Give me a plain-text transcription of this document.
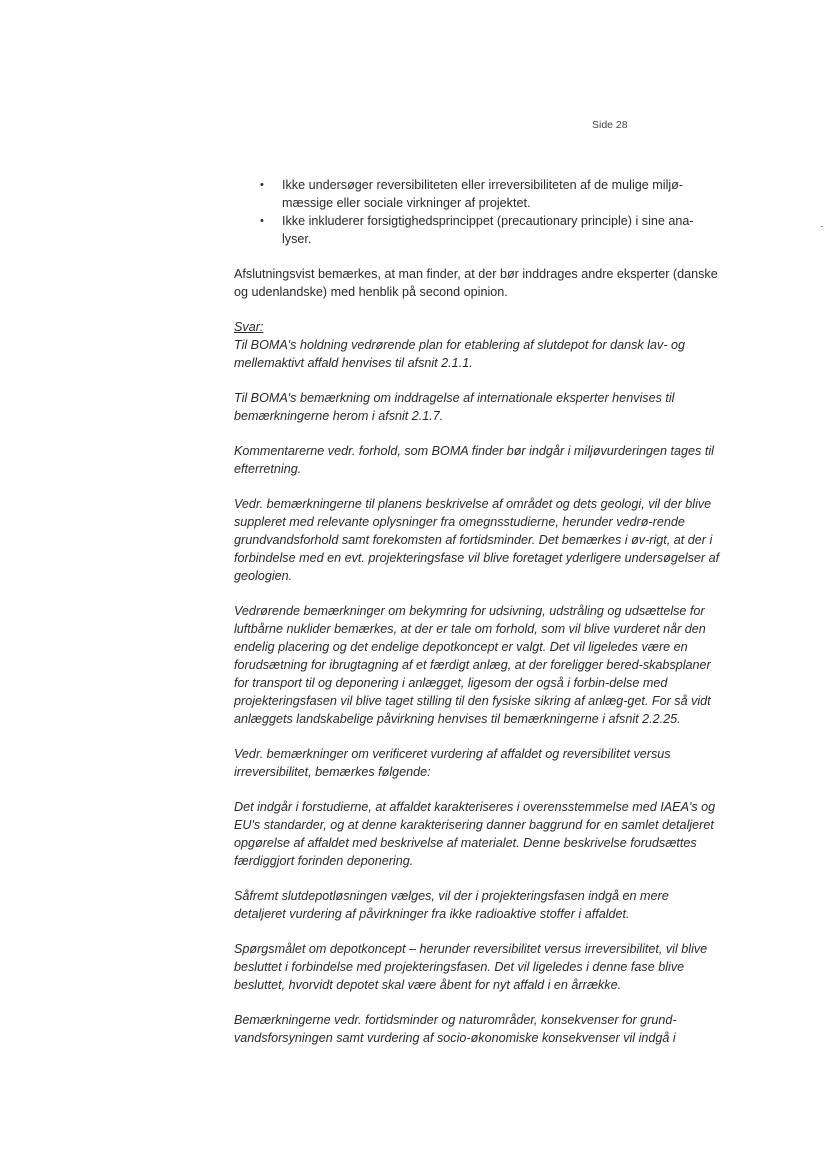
Side 28
• Ikke undersøger reversibiliteten eller irreversibiliteten af de mulige miljø-mæssige eller sociale virkninger af projektet.
• Ikke inkluderer forsigtighedsprincippet (precautionary principle) i sine ana-lyser.

Afslutningsvist bemærkes, at man finder, at der bør inddrages andre eksperter (danske og udenlandske) med henblik på second opinion.

Svar:

Til BOMA's holdning vedrørende plan for etablering af slutdepot for dansk lav- og mellemaktivt affald henvises til afsnit 2.1.1.

Til BOMA's bemærkning om inddragelse af internationale eksperter henvises til bemærkningerne herom i afsnit 2.1.7.

Kommentarerne vedr. forhold, som BOMA finder bør indgår i miljøvurderingen tages til efterretning.

Vedr. bemærkningerne til planens beskrivelse af området og dets geologi, vil der blive suppleret med relevante oplysninger fra omegnsstudierne, herunder vedrø-rende grundvandsforhold samt forekomsten af fortidsminder. Det bemærkes i øv-rigt, at der i forbindelse med en evt. projekteringsfase vil blive foretaget yderligere undersøgelser af geologien.

Vedrørende bemærkninger om bekymring for udsivning, udstråling og udsættelse for luftbårne nuklider bemærkes, at der er tale om forhold, som vil blive vurderet når den endelig placering og det endelige depotkoncept er valgt. Det vil ligeledes være en forudsætning for ibrugtagning af et færdigt anlæg, at der foreligger bered-skabsplaner for transport til og deponering i anlægget, ligesom der også i forbin-delse med projekteringsfasen vil blive taget stilling til den fysiske sikring af anlæg-get. For så vidt anlæggets landskabelige påvirkning henvises til bemærkningerne i afsnit 2.2.25.

Vedr. bemærkninger om verificeret vurdering af affaldet og reversibilitet versus irreversibilitet, bemærkes følgende:

Det indgår i forstudierne, at affaldet karakteriseres i overensstemmelse med IAEA's og EU's standarder, og at denne karakterisering danner baggrund for en samlet detaljeret opgørelse af affaldet med beskrivelse af materialet. Denne beskrivelse forudsættes færdiggjort forinden deponering.

Såfremt slutdepotløsningen vælges, vil der i projekteringsfasen indgå en mere detaljeret vurdering af påvirkninger fra ikke radioaktive stoffer i affaldet.

Spørgsmålet om depotkoncept – herunder reversibilitet versus irreversibilitet, vil blive besluttet i forbindelse med projekteringsfasen. Det vil ligeledes i denne fase blive besluttet, hvorvidt depotet skal være åbent for nyt affald i en årrække.

Bemærkningerne vedr. fortidsminder og naturområder, konsekvenser for grund-vandsforsyningen samt vurdering af socio-økonomiske konsekvenser vil indgå i
